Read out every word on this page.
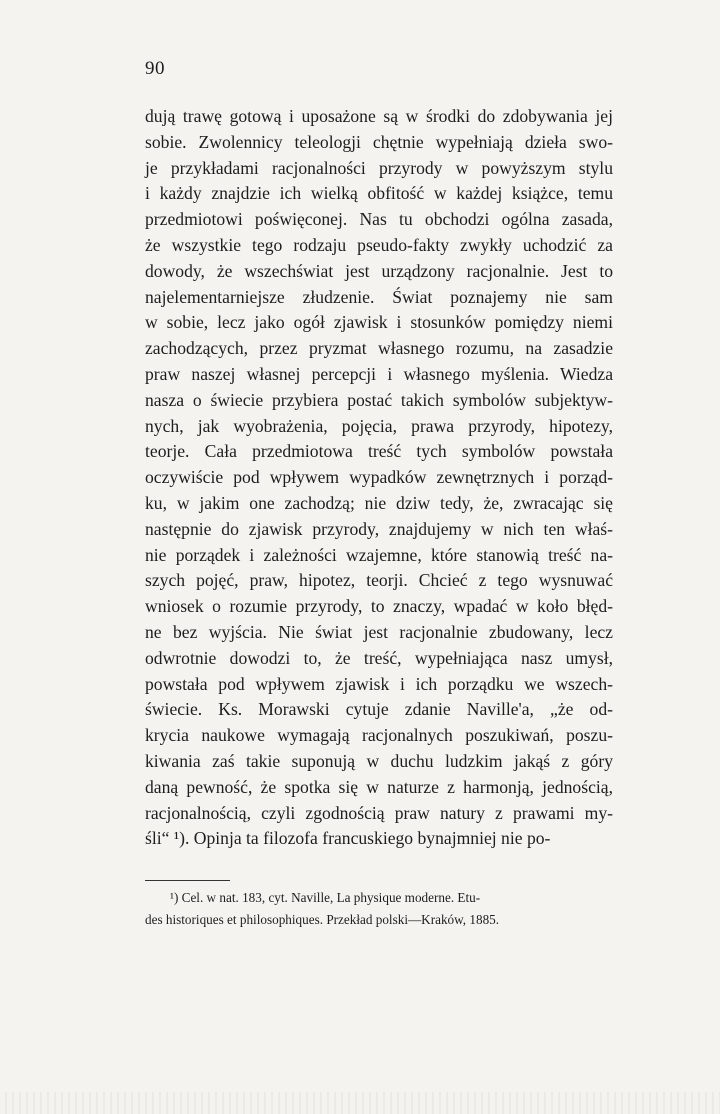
90
dują trawę gotową i uposażone są w środki do zdobywania jej
sobie. Zwolennicy teleologji chętnie wypełniają dzieła swo-
je przykładami racjonalności przyrody w powyższym stylu
i każdy znajdzie ich wielką obfitość w każdej książce, temu
przedmiotowi poświęconej. Nas tu obchodzi ogólna zasada,
że wszystkie tego rodzaju pseudo-fakty zwykły uchodzić za
dowody, że wszechświat jest urządzony racjonalnie. Jest to
najelementarniejsze złudzenie. Świat poznajemy nie sam
w sobie, lecz jako ogół zjawisk i stosunków pomiędzy niemi
zachodzących, przez pryzmat własnego rozumu, na zasadzie
praw naszej własnej percepcji i własnego myślenia. Wiedza
nasza o świecie przybiera postać takich symbolów subjektyw-
nych, jak wyobrażenia, pojęcia, prawa przyrody, hipotezy,
teorje. Cała przedmiotowa treść tych symbolów powstała
oczywiście pod wpływem wypadków zewnętrznych i porząd-
ku, w jakim one zachodzą; nie dziw tedy, że, zwracając się
następnie do zjawisk przyrody, znajdujemy w nich ten właś-
nie porządek i zależności wzajemne, które stanowią treść na-
szych pojęć, praw, hipotez, teorji. Chcieć z tego wysnuwać
wniosek o rozumie przyrody, to znaczy, wpadać w koło błęd-
ne bez wyjścia. Nie świat jest racjonalnie zbudowany, lecz
odwrotnie dowodzi to, że treść, wypełniająca nasz umysł,
powstała pod wpływem zjawisk i ich porządku we wszech-
świecie. Ks. Morawski cytuje zdanie Naville'a, „że od-
krycia naukowe wymagają racjonalnych poszukiwań, poszu-
kiwania zaś takie suponują w duchu ludzkim jakąś z góry
daną pewność, że spotka się w naturze z harmonją, jednością,
racjonalnością, czyli zgodnością praw natury z prawami my-
śli“ ¹). Opinja ta filozofa francuskiego bynajmniej nie po-
¹) Cel. w nat. 183, cyt. Naville, La physique moderne. Etu-
des historiques et philosophiques. Przekład polski—Kraków, 1885.
